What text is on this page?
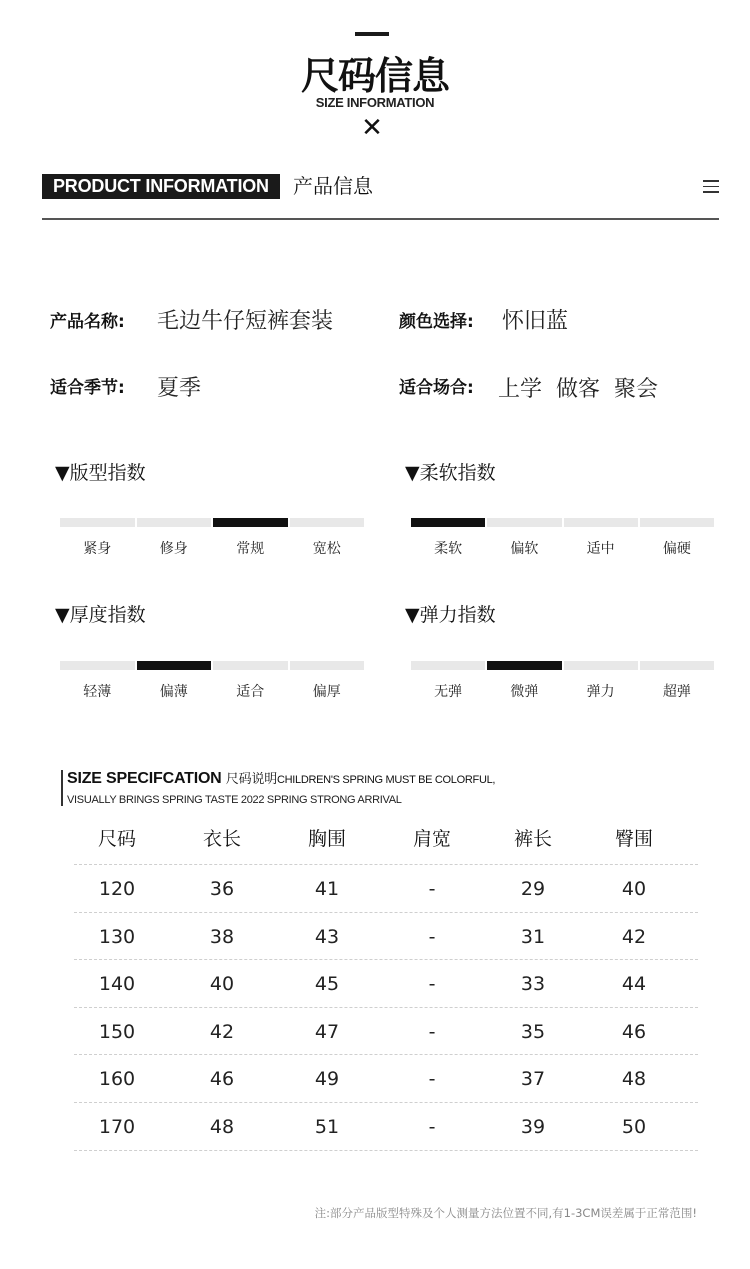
尺码信息
SIZE INFORMATION
✕
PRODUCT INFORMATION	产品信息
产品名称: 毛边牛仔短裤套装	颜色选择: 怀旧蓝
适合季节: 夏季	适合场合: 上学  做客  聚会
▼版型指数	▼柔软指数
▼厚度指数	▼弹力指数
SIZE SPECIFCATION 尺码说明CHILDREN'S SPRING MUST BE COLORFUL,
VISUALLY BRINGS SPRING TASTE 2022 SPRING STRONG ARRIVAL
尺码	衣长	胸围	肩宽	裤长	臀围
120	36	41	-	29	40
130	38	43	-	31	42
140	40	45	-	33	44
150	42	47	-	35	46
160	46	49	-	37	48
170	48	51	-	39	50
注:部分产品版型特殊及个人测量方法位置不同,有1-3CM误差属于正常范围!
紧身	修身	常规	宽松	柔软	偏软	适中	偏硬
轻薄	偏薄	适合	偏厚	无弹	微弹	弹力	超弹
